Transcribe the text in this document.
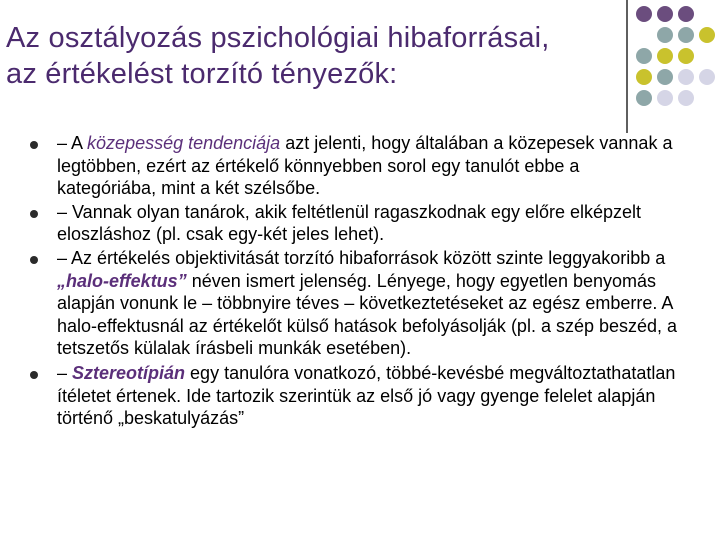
Az osztályozás pszichológiai hibaforrásai,
az értékelést torzító tényezők:
– A közepesség tendenciája azt jelenti, hogy általában a közepesek vannak a legtöbben, ezért az értékelő könnyebben sorol egy tanulót ebbe a kategóriába, mint a két szélsőbe.
– Vannak olyan tanárok, akik feltétlenül ragaszkodnak egy előre elképzelt eloszláshoz (pl. csak egy-két jeles lehet).
– Az értékelés objektivitását torzító hibaforrások között szinte leggyakoribb a „halo-effektus” néven ismert jelenség. Lényege, hogy egyetlen benyomás alapján vonunk le – többnyire téves – következtetéseket az egész emberre. A halo-effektusnál az értékelőt külső hatások befolyásolják (pl. a szép beszéd, a tetszetős külalak írásbeli munkák esetében).
– Sztereotípián egy tanulóra vonatkozó, többé-kevésbé megváltoztathatatlan ítéletet értenek. Ide tartozik szerintük az első jó vagy gyenge felelet alapján történő „beskatulyázás”
